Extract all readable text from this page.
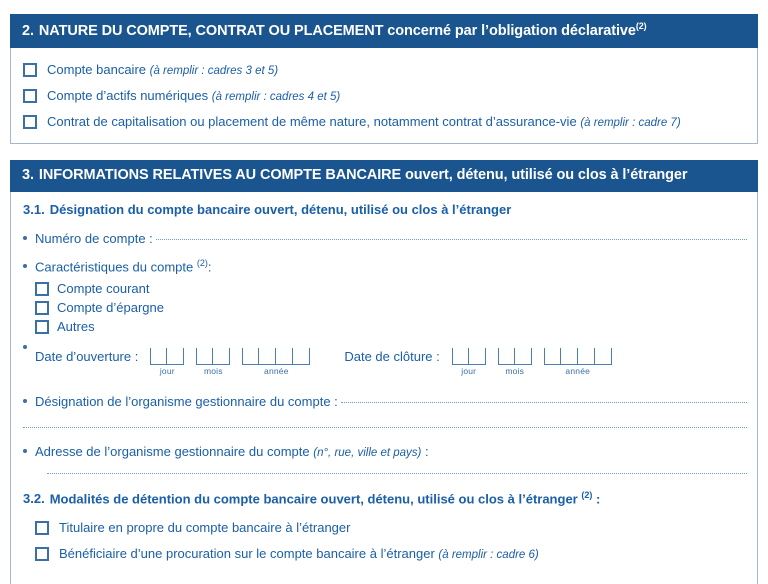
2. NATURE DU COMPTE, CONTRAT OU PLACEMENT concerné par l’obligation déclarative$^{(2)}$
Compte bancaire (à remplir : cadres 3 et 5)
Compte d’actifs numériques (à remplir : cadres 4 et 5)
Contrat de capitalisation ou placement de même nature, notamment contrat d’assurance-vie (à remplir : cadre 7)
3. INFORMATIONS RELATIVES AU COMPTE BANCAIRE ouvert, détenu, utilisé ou clos à l’étranger
3.1. Désignation du compte bancaire ouvert, détenu, utilisé ou clos à l’étranger
Numéro de compte :
Caractéristiques du compte $^{(2)}$:
Compte courant
Compte d’épargne
Autres
Date d’ouverture :
jour	mois	année
Date de clôture :
jour	mois	année
Désignation de l’organisme gestionnaire du compte :
Adresse de l’organisme gestionnaire du compte (n°, rue, ville et pays) :
3.2. Modalités de détention du compte bancaire ouvert, détenu, utilisé ou clos à l’étranger $^{(2)}$ :
Titulaire en propre du compte bancaire à l’étranger
Bénéficiaire d’une procuration sur le compte bancaire à l’étranger (à remplir : cadre 6)
